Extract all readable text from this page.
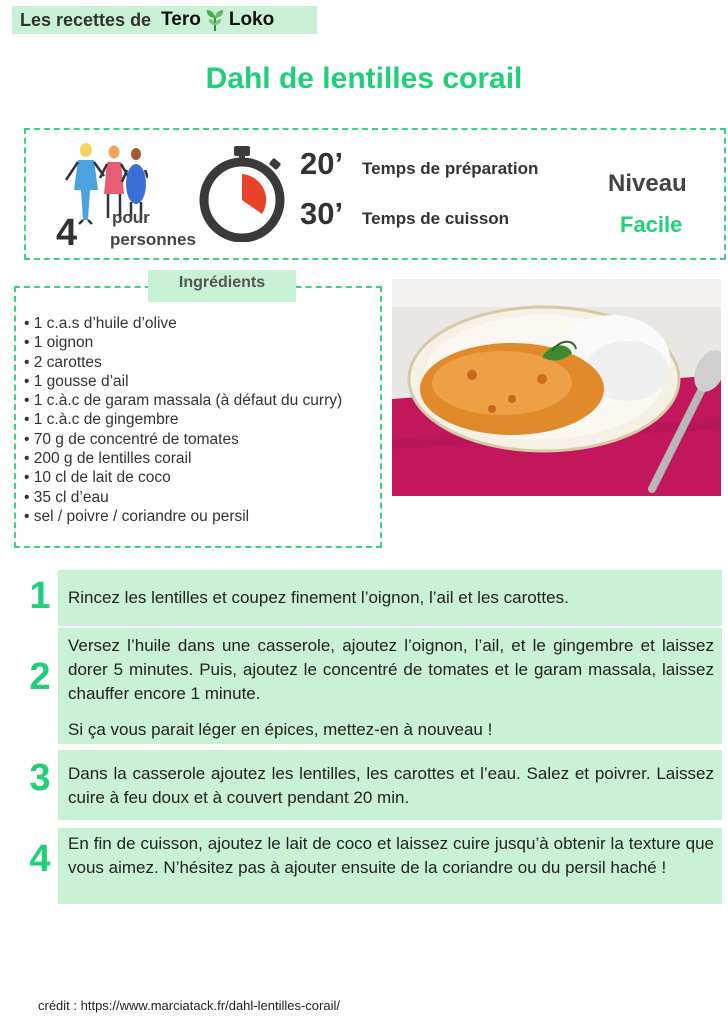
Les recettes de Tero Loko
Dahl de lentilles corail
4 pour
personnes
20’	Temps de préparation
30’	Temps de cuisson
Niveau
Facile
Ingrédients
• 1 c.a.s d’huile d’olive
• 1 oignon
• 2 carottes
• 1 gousse d’ail
• 1 c.à.c de garam massala (à défaut du curry)
• 1 c.à.c de gingembre
• 70 g de concentré de tomates
• 200 g de lentilles corail
• 10 cl de lait de coco
• 35 cl d’eau
• sel / poivre / coriandre ou persil
1	Rincez les lentilles et coupez finement l’oignon, l’ail et les carottes.

2

Versez l’huile dans une casserole, ajoutez l’oignon, l’ail, et le gingembre et laissez dorer 5 minutes. Puis, ajoutez le concentré de tomates et le garam massala, laissez chauffer encore 1 minute.

Si ça vous parait léger en épices, mettez-en à nouveau !

3	Dans la casserole ajoutez les lentilles, les carottes et l’eau. Salez et poivrer. Laissez cuire à feu doux et à couvert pendant 20 min.

4	En fin de cuisson, ajoutez le lait de coco et laissez cuire jusqu’à obtenir la texture que vous aimez. N’hésitez pas à ajouter ensuite de la coriandre ou du persil haché !

crédit : https://www.marciatack.fr/dahl-lentilles-corail/
